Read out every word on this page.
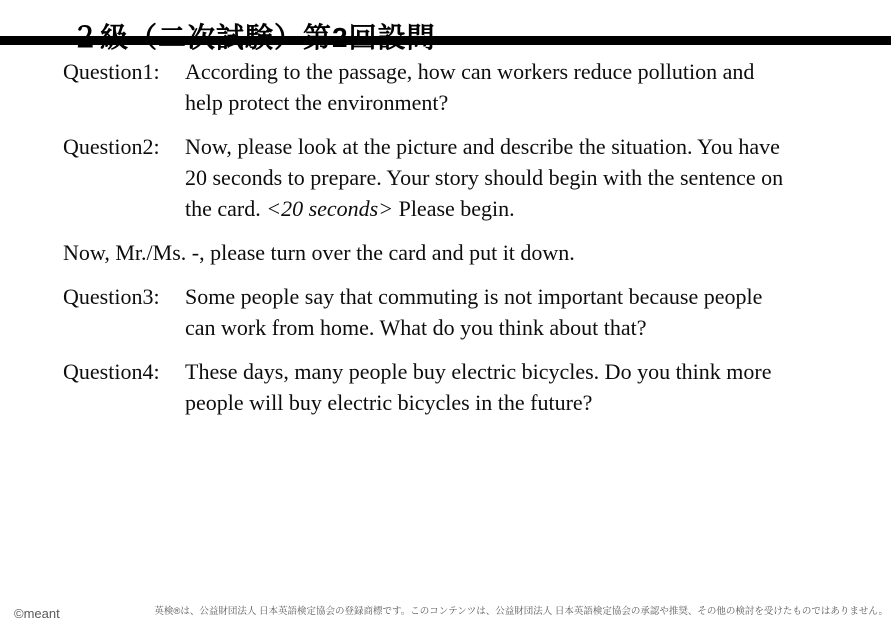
Question1:	According to the passage, how can workers reduce pollution and
help protect the environment?
Question2:	Now, please look at the picture and describe the situation. You have
20 seconds to prepare. Your story should begin with the sentence on
the card. <20 seconds> Please begin.
Now, Mr./Ms. -, please turn over the card and put it down.
Question3:	Some people say that commuting is not important because people
can work from home. What do you think about that?
Question4:	These days, many people buy electric bicycles. Do you think more
people will buy electric bicycles in the future?
©meant	英検®は、公益財団法人 日本英語検定協会の登録商標です。このコンテンツは、公益財団法人 日本英語検定協会の承認や推奨、その他の検討を受けたものではありません。
